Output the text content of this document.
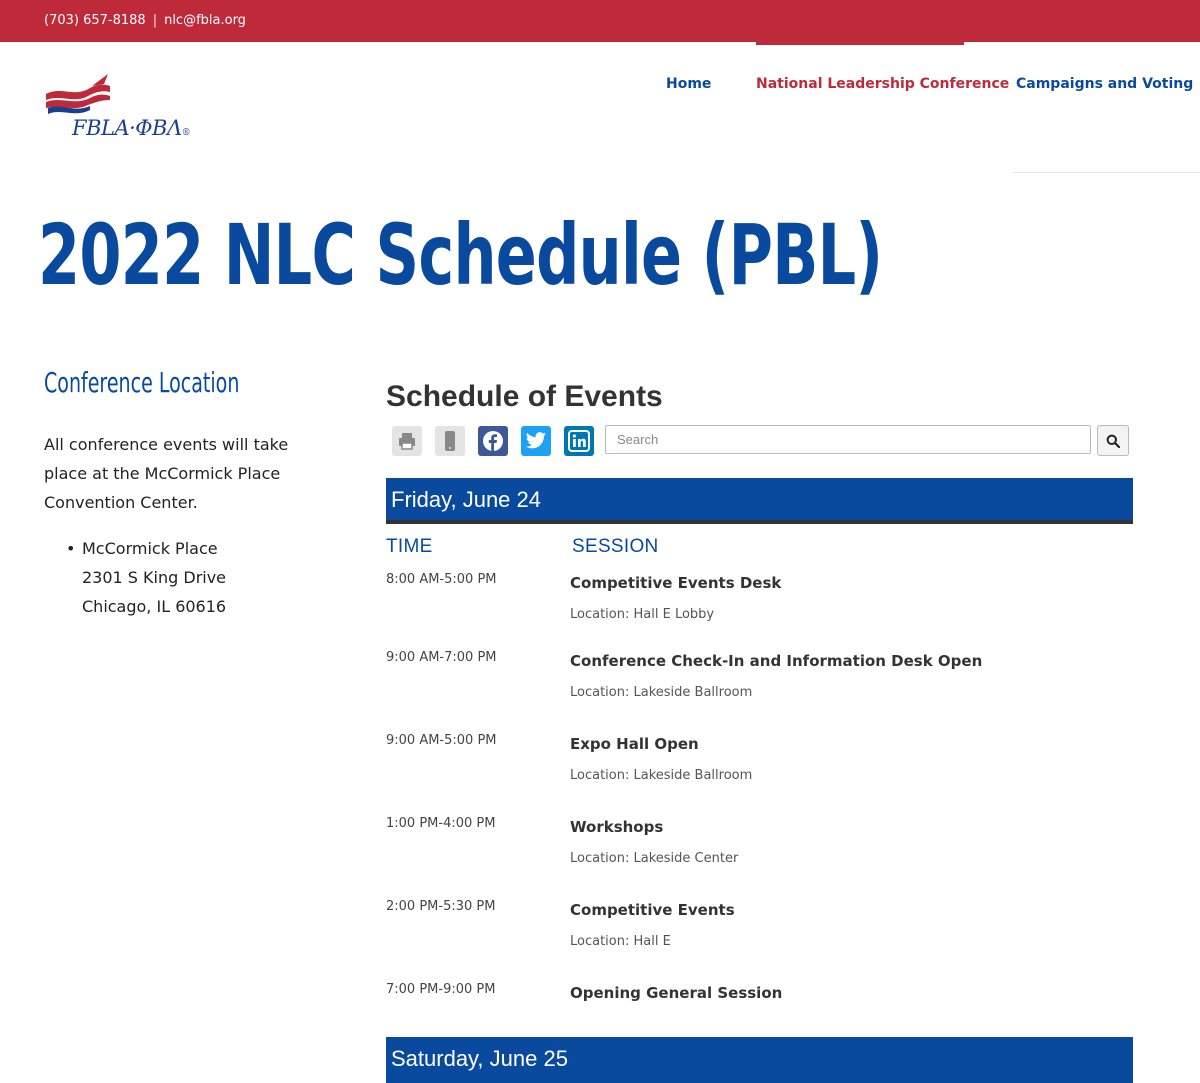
(703) 657-8188 | nlc@fbla.org
FBLA·ΦΒΛ®
Home	National Leadership Conference Campaigns and Voting
2022 NLC Schedule (PBL)
Conference Location

All conference events will take place at the McCormick Place Convention Center.

• McCormick Place
2301 S King Drive
Chicago, IL 60616
Schedule of Events
Search
Friday, June 24
TIME	SESSION
8:00 AM-5:00 PM	Competitive Events Desk
Location: Hall E Lobby
9:00 AM-7:00 PM	Conference Check-In and Information Desk Open
Location: Lakeside Ballroom
9:00 AM-5:00 PM	Expo Hall Open
Location: Lakeside Ballroom
1:00 PM-4:00 PM	Workshops
Location: Lakeside Center
2:00 PM-5:30 PM	Competitive Events
Location: Hall E
7:00 PM-9:00 PM	Opening General Session
Saturday, June 25
